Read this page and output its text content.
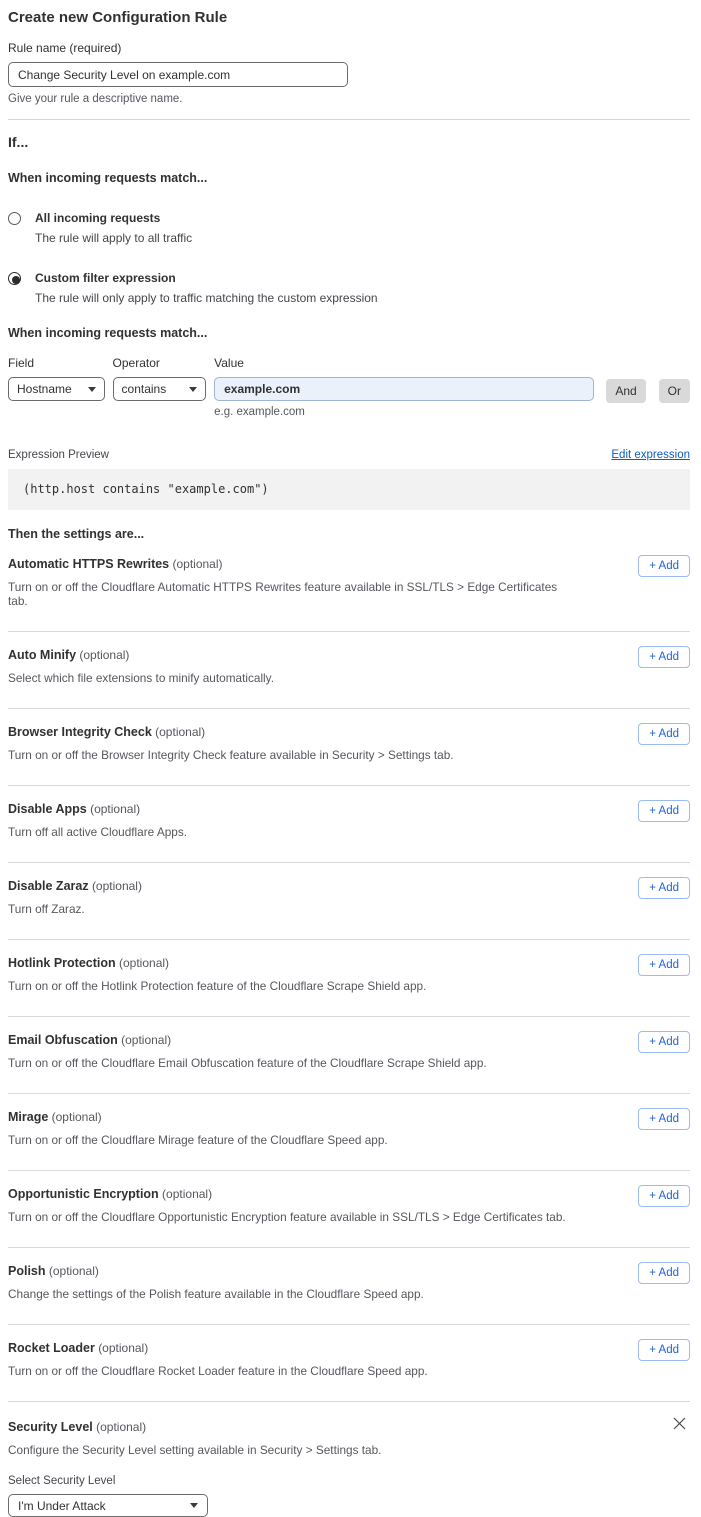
Create new Configuration Rule
Rule name (required)
Change Security Level on example.com
Give your rule a descriptive name.
If...
When incoming requests match...
All incoming requests
The rule will apply to all traffic
Custom filter expression
The rule will only apply to traffic matching the custom expression
When incoming requests match...
Field
Hostname
Operator
contains
Value
example.com
e.g. example.com
And	Or
Expression Preview	Edit expression
(http.host contains "example.com")
Then the settings are...
Automatic HTTPS Rewrites (optional)
Turn on or off the Cloudflare Automatic HTTPS Rewrites feature available in SSL/TLS > Edge Certificates tab.
+ Add
Auto Minify (optional)
Select which file extensions to minify automatically.
+ Add
Browser Integrity Check (optional)
Turn on or off the Browser Integrity Check feature available in Security > Settings tab.
+ Add
Disable Apps (optional)
Turn off all active Cloudflare Apps.
+ Add
Disable Zaraz (optional)
Turn off Zaraz.
+ Add
Hotlink Protection (optional)
Turn on or off the Hotlink Protection feature of the Cloudflare Scrape Shield app.
+ Add
Email Obfuscation (optional)
Turn on or off the Cloudflare Email Obfuscation feature of the Cloudflare Scrape Shield app.
+ Add
Mirage (optional)
Turn on or off the Cloudflare Mirage feature of the Cloudflare Speed app.
+ Add
Opportunistic Encryption (optional)
Turn on or off the Cloudflare Opportunistic Encryption feature available in SSL/TLS > Edge Certificates tab.
+ Add
Polish (optional)
Change the settings of the Polish feature available in the Cloudflare Speed app.
+ Add
Rocket Loader (optional)
Turn on or off the Cloudflare Rocket Loader feature in the Cloudflare Speed app.
+ Add
Security Level (optional)
Configure the Security Level setting available in Security > Settings tab.
Select Security Level
I'm Under Attack
